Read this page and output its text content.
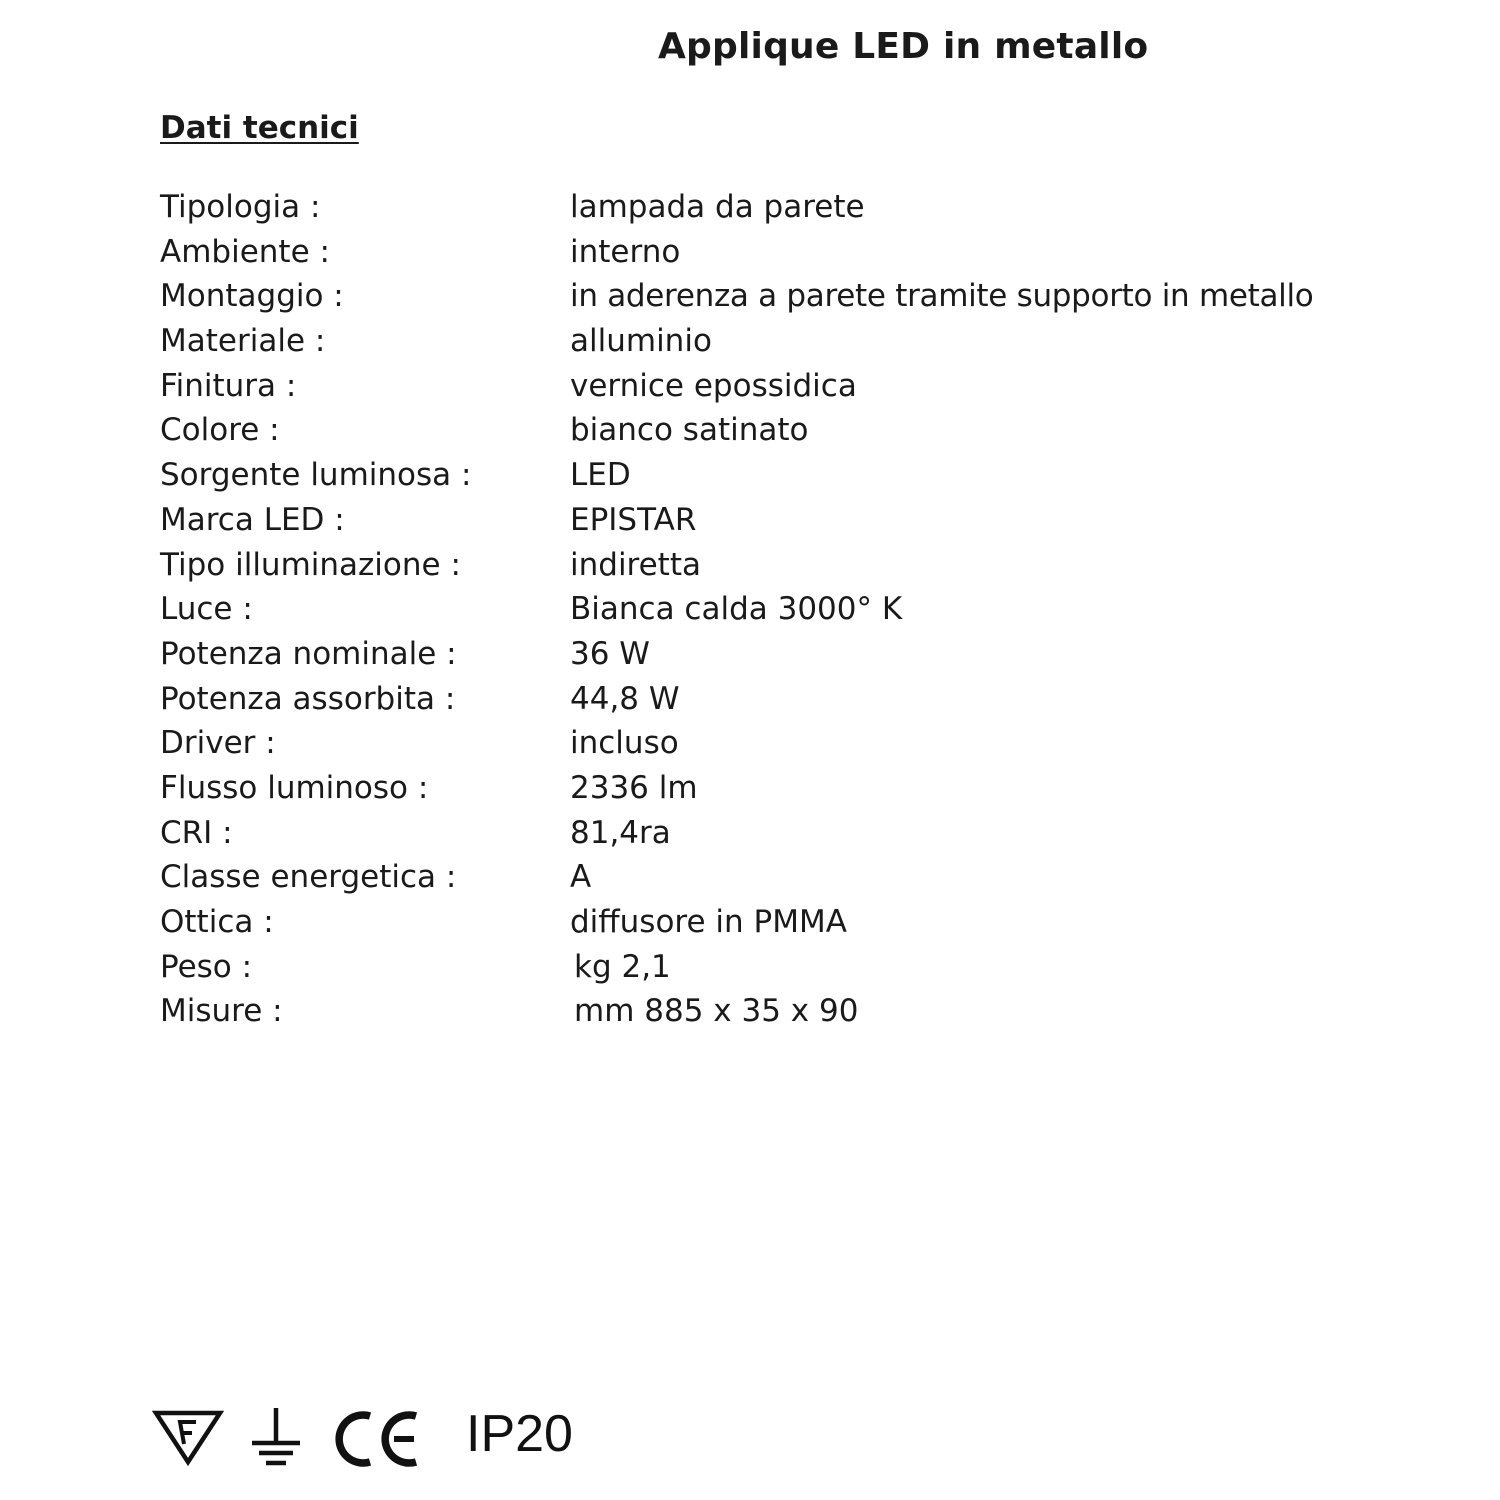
Applique LED in metallo
Dati tecnici
Tipologia :	lampada da parete
Ambiente :	interno
Montaggio :	in aderenza a parete tramite supporto in metallo
Materiale :	alluminio
Finitura :	vernice epossidica
Colore :	bianco satinato
Sorgente luminosa :	LED
Marca LED :	EPISTAR
Tipo illuminazione :	indiretta
Luce :	Bianca calda 3000° K
Potenza nominale :	36 W
Potenza assorbita :	44,8 W
Driver :	incluso
Flusso luminoso :	2336 lm
CRI :	81,4ra
Classe energetica :	A
Ottica :	diffusore in PMMA
Peso :	kg 2,1
Misure :	mm 885 x 35 x 90
IP20
